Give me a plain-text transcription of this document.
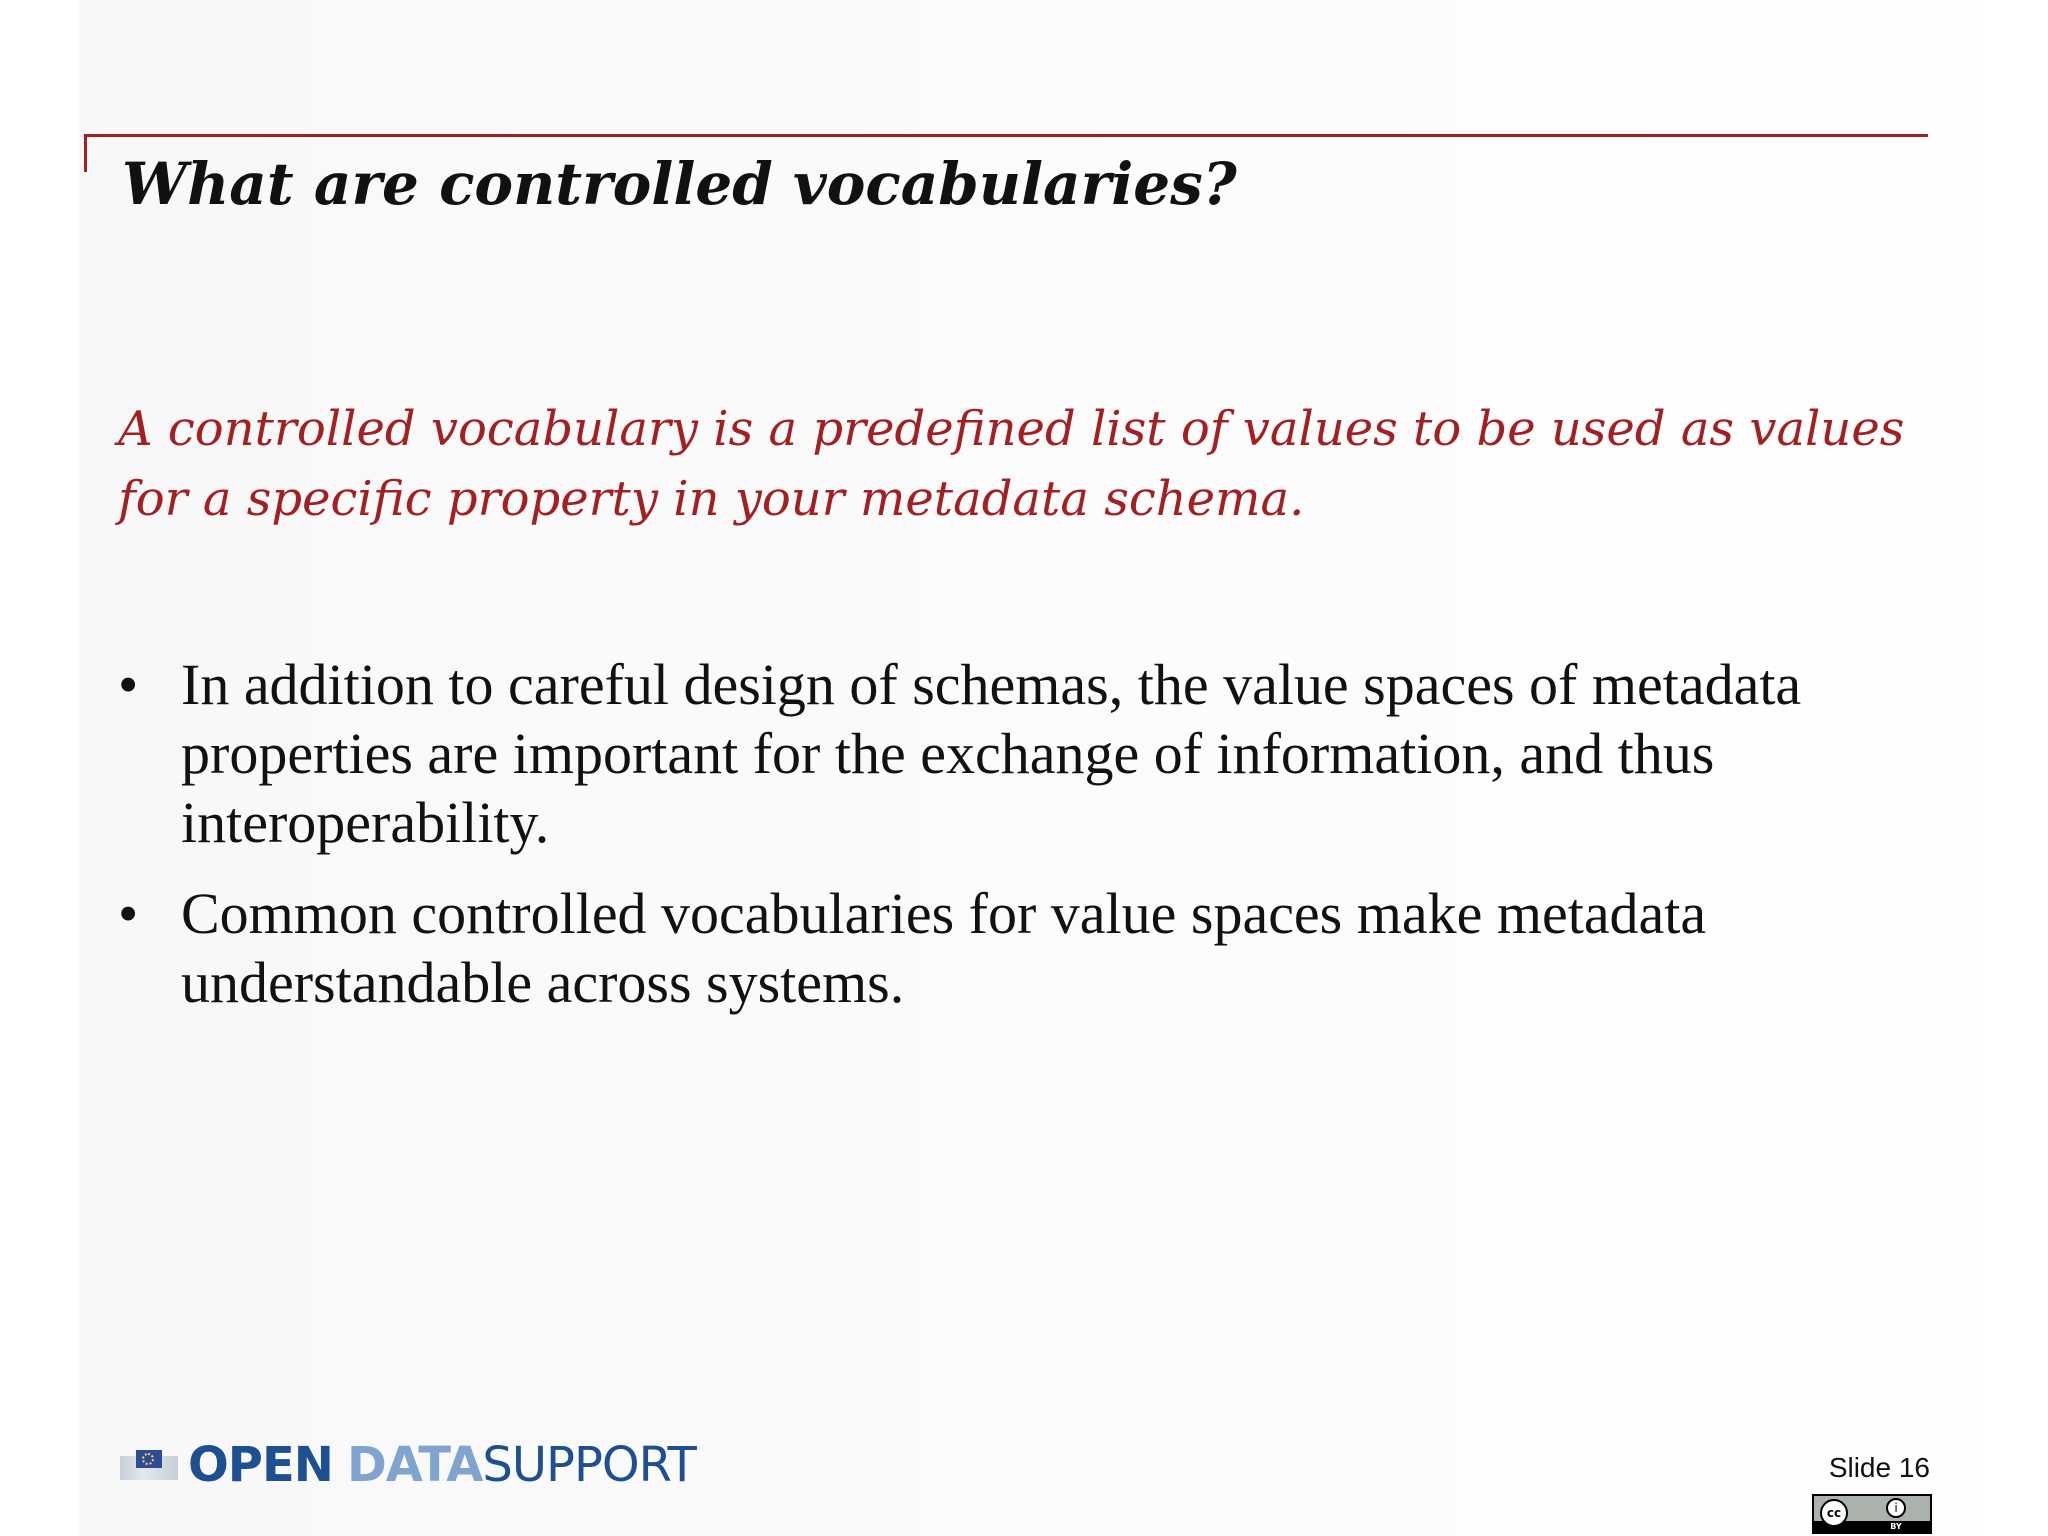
What are controlled vocabularies?

A controlled vocabulary is a predefined list of values to be used as values for a specific property in your metadata schema.

• In addition to careful design of schemas, the value spaces of metadata properties are important for the exchange of information, and thus interoperability.
• Common controlled vocabularies for value spaces make metadata understandable across systems.
OPEN DATA SUPPORT	Slide 16
cc	i
BY
